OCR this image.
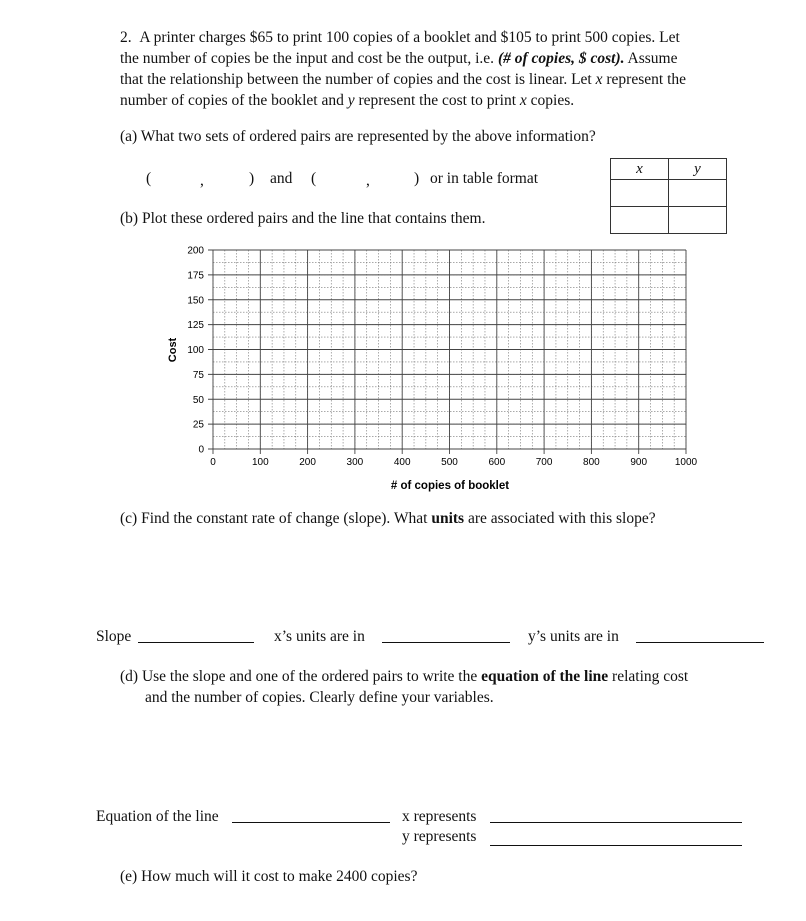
2. A printer charges $65 to print 100 copies of a booklet and $105 to print 500 copies. Let
the number of copies be the input and cost be the output, i.e. (# of copies, $ cost). Assume
that the relationship between the number of copies and the cost is linear. Let x represent the
number of copies of the booklet and y represent the cost to print x copies.
(a) What two sets of ordered pairs are represented by the above information?
(	,	) and (	,	) or in table format
x	y

(b) Plot these ordered pairs and the line that contains them.
0
25
50
75
100
125
150
175
200
0	100	200	300	400	500	600	700	800	900	1000
Cost
# of copies of booklet
(c) Find the constant rate of change (slope). What units are associated with this slope?
Slope	x’s units are in	y’s units are in
(d) Use the slope and one of the ordered pairs to write the equation of the line relating cost
and the number of copies. Clearly define your variables.
Equation of the line	x represents
y represents
(e) How much will it cost to make 2400 copies?
